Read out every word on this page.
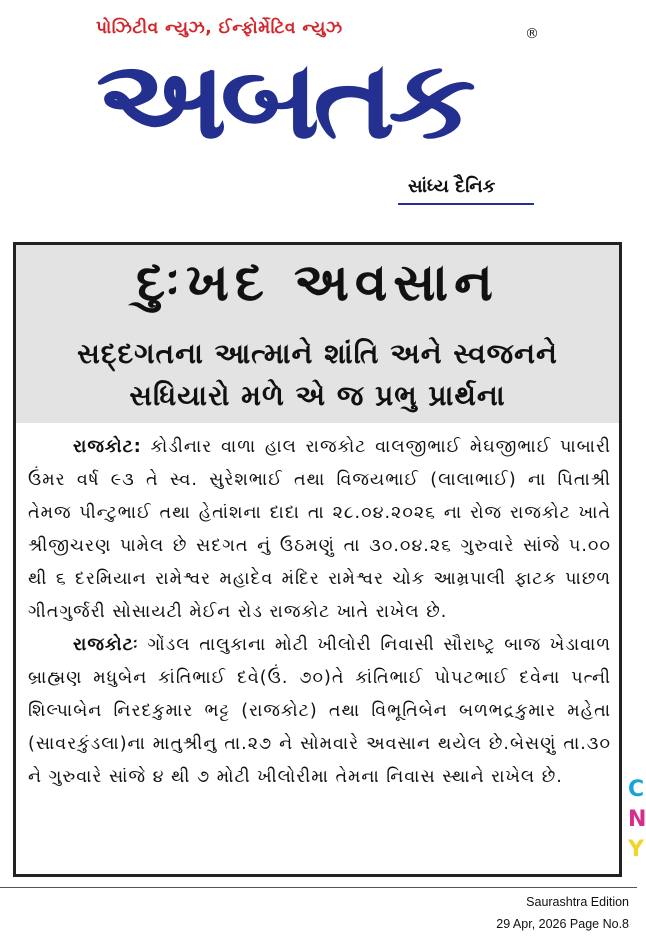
પોઝિટીવ ન્યુઝ, ઈન્ફોર્મેટિવ ન્યુઝ	®
અબતક
સાંધ્ય દૈનિક
દુઃખદ અવસાન
સદ્દગતના આત્માને શાંતિ અને સ્વજનને
સધિયારો મળે એ જ પ્રભુ પ્રાર્થના

રાજકોટ: કોડીનાર વાળા હાલ રાજકોટ વાલજીભાઈ મેઘજીભાઈ પાબારી ઉંમર વર્ષ ૯૩ તે સ્વ. સુરેશભાઈ તથા વિજયભાઈ (લાલાભાઈ) ના પિતાશ્રી તેમજ પીન્ટુભાઈ તથા હેતાંશના દાદા તા ૨૮.૦૪.૨૦૨૬ ના રોજ રાજકોટ ખાતે શ્રીજીચરણ પામેલ છે સદગત નું ઉઠમણું તા ૩૦.૦૪.૨૬ ગુરુવારે સાંજે ૫.૦૦ થી ૬ દરમિયાન રામેશ્વર મહાદેવ મંદિર રામેશ્વર ચોક આમ્રપાલી ફાટક પાછળ ગીતગુર્જરી સોસાયટી મેઈન રોડ રાજકોટ ખાતે રાખેલ છે.

રાજકોટઃ ગોંડલ તાલુકાના મોટી ખીલોરી નિવાસી સૌરાષ્ટ્ર બાજ ખેડાવાળ બ્રાહ્મણ મધુબેન કાંતિભાઈ દવે(ઉં. ૭૦)તે કાંતિભાઈ પોપટભાઈ દવેના પત્ની શિલ્પાબેન નિરદકુમાર ભટ્ટ (રાજકોટ) તથા વિભૂતિબેન બળભદ્રકુમાર મહેતા (સાવરકુંડલા)ના માતુશ્રીનુ તા.૨૭ ને સોમવારે અવસાન થયેલ છે.બેસણું તા.૩૦ ને ગુરુવારે સાંજે ૪ થી ૭ મોટી ખીલોરીમા તેમના નિવાસ સ્થાને રાખેલ છે.	C
N
Y
Saurashtra Edition
29 Apr, 2026 Page No.8
